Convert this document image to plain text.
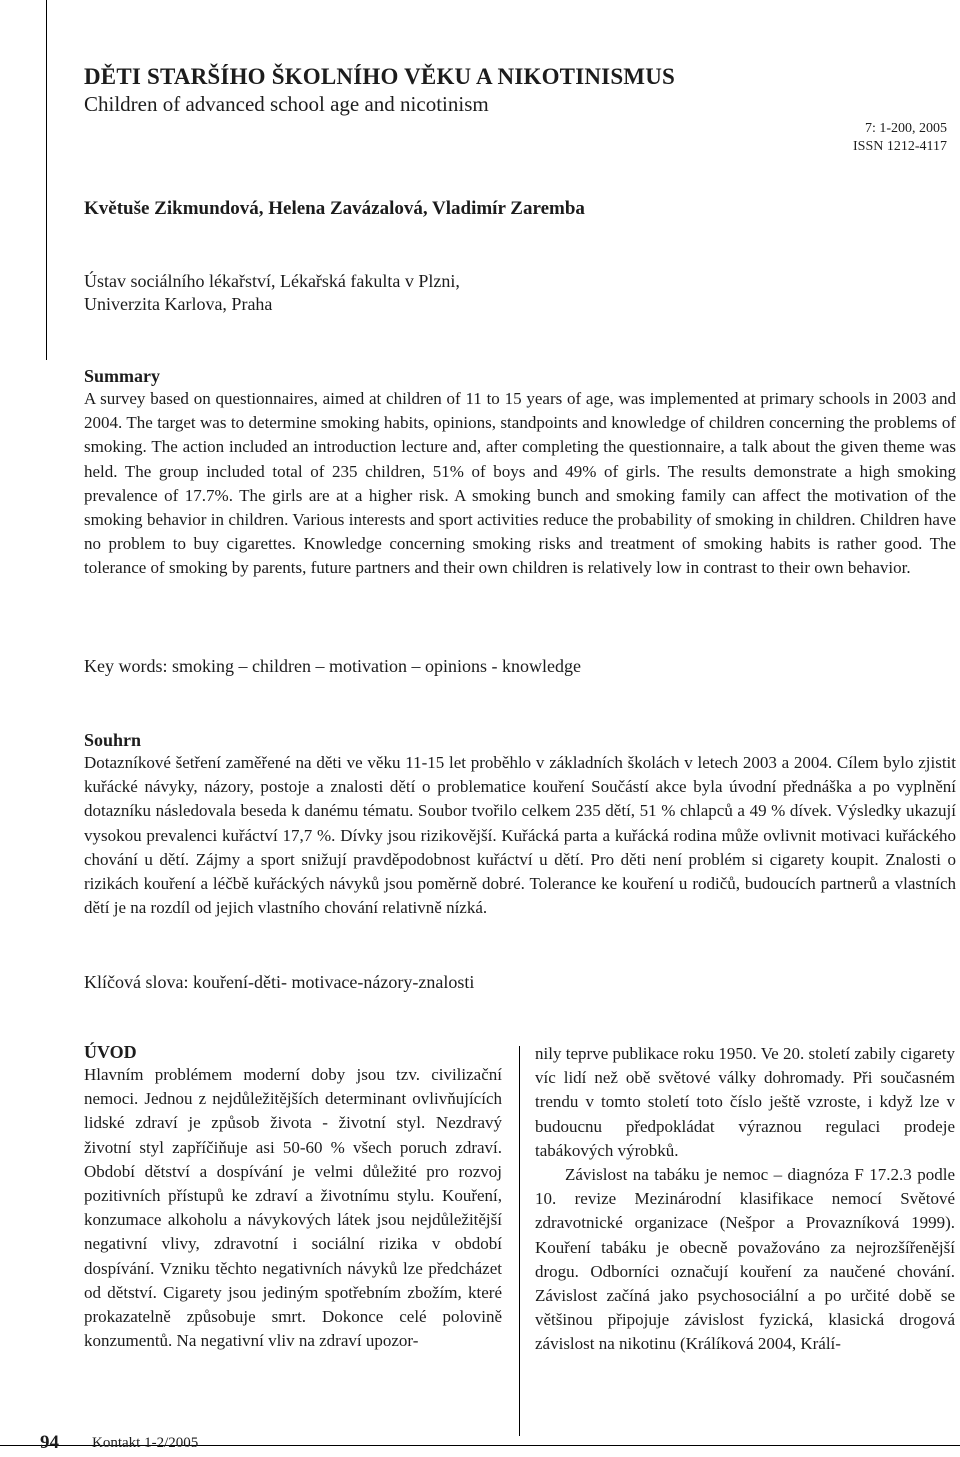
DĚTI STARŠÍHO ŠKOLNÍHO VĚKU A NIKOTINISMUS
Children of advanced school age and nicotinism
7: 1-200, 2005
ISSN 1212-4117
Květuše Zikmundová, Helena Zavázalová, Vladimír Zaremba
Ústav sociálního lékařství, Lékařská fakulta v Plzni,
Univerzita Karlova, Praha
Summary
A survey based on questionnaires, aimed at children of 11 to 15 years of age, was implemented at primary schools in 2003 and 2004. The target was to determine smoking habits, opinions, standpoints and knowledge of children concerning the problems of smoking. The action included an introduction lecture and, after completing the questionnaire, a talk about the given theme was held. The group included total of 235 children, 51% of boys and 49% of girls. The results demonstrate a high smoking prevalence of 17.7%. The girls are at a higher risk. A smoking bunch and smoking family can affect the motivation of the smoking behavior in children. Various interests and sport activities reduce the probability of smoking in children. Children have no problem to buy cigarettes. Knowledge concerning smoking risks and treatment of smoking habits is rather good. The tolerance of smoking by parents, future partners and their own children is relatively low in contrast to their own behavior.
Key words: smoking – children – motivation – opinions - knowledge
Souhrn
Dotazníkové šetření zaměřené na děti ve věku 11-15 let proběhlo v základních školách v letech 2003 a 2004. Cílem bylo zjistit kuřácké návyky, názory, postoje a znalosti dětí o problematice kouření Součástí akce byla úvodní přednáška a po vyplnění dotazníku následovala beseda k danému tématu. Soubor tvořilo celkem 235 dětí, 51 % chlapců a 49 % dívek. Výsledky ukazují vysokou prevalenci kuřáctví 17,7 %. Dívky jsou rizikovější. Kuřácká parta a kuřácká rodina může ovlivnit motivaci kuřáckého chování u dětí. Zájmy a sport snižují pravděpodobnost kuřáctví u dětí. Pro děti není problém si cigarety koupit. Znalosti o rizikách kouření a léčbě kuřáckých návyků jsou poměrně dobré. Tolerance ke kouření u rodičů, budoucích partnerů a vlastních dětí je na rozdíl od jejich vlastního chování relativně nízká.
Klíčová slova: kouření-děti- motivace-názory-znalosti
ÚVOD

Hlavním problémem moderní doby jsou tzv. civilizační nemoci. Jednou z nejdůležitějších determinant ovlivňujících lidské zdraví je způsob života - životní styl. Nezdravý životní styl zapříčiňuje asi 50-60 % všech poruch zdraví. Období dětství a dospívání je velmi důležité pro rozvoj pozitivních přístupů ke zdraví a životnímu stylu. Kouření, konzumace alkoholu a návykových látek jsou nejdůležitější negativní vlivy, zdravotní i sociální rizika v období dospívání. Vzniku těchto negativních návyků lze předcházet od dětství. Cigarety jsou jediným spotřebním zbožím, které prokazatelně způsobuje smrt. Dokonce celé polovině konzumentů. Na negativní vliv na zdraví upozor-

nily teprve publikace roku 1950. Ve 20. století zabily cigarety víc lidí než obě světové války dohromady. Při současném trendu v tomto století toto číslo ještě vzroste, i když lze v budoucnu předpokládat výraznou regulaci prodeje tabákových výrobků.

Závislost na tabáku je nemoc – diagnóza F 17.2.3 podle 10. revize Mezinárodní klasifikace nemocí Světové zdravotnické organizace (Nešpor a Provazníková 1999). Kouření tabáku je obecně považováno za nejrozšířenější drogu. Odborníci označují kouření za naučené chování. Závislost začíná jako psychosociální a po určité době se většinou připojuje závislost fyzická, klasická drogová závislost na nikotinu (Králíková 2004, Králí-

94 Kontakt 1-2/2005
